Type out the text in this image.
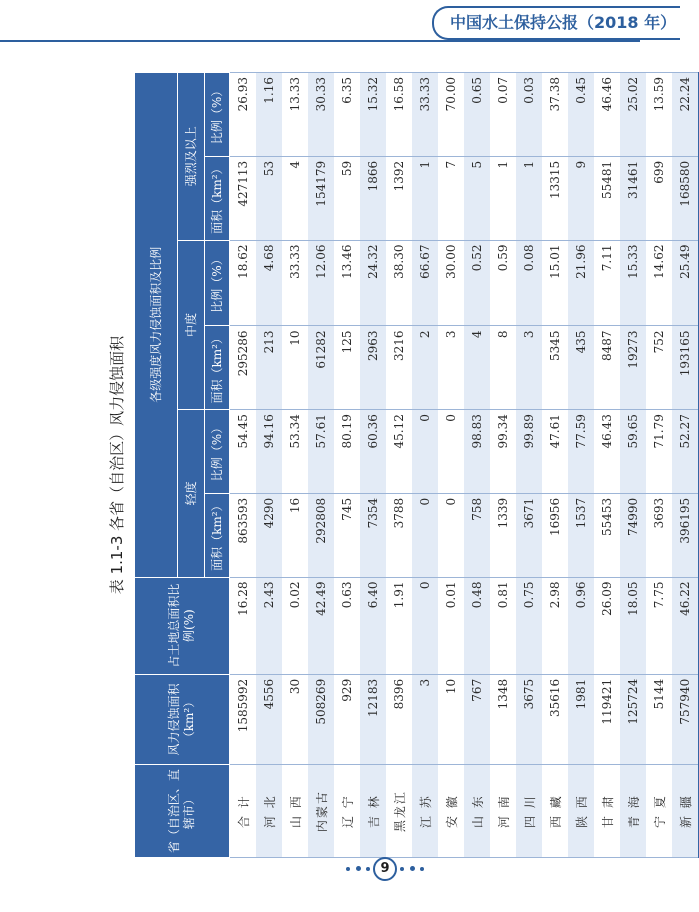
中国水土保持公报（2018 年）
表 1.1-3 各省（自治区）风力侵蚀面积
省（自治区、直辖市）	风力侵蚀面积（km²）	占土地总面积比例(%)	各级强度风力侵蚀面积及比例					
			轻度		中度		强烈及以上	
			面积（km²）	比例（%）	面积（km²）	比例（%）	面积（km²）	比例（%）
合 计	1585992	16.28	863593	54.45	295286	18.62	427113	26.93
河 北	4556	2.43	4290	94.16	213	4.68	53	1.16
山 西	30	0.02	16	53.34	10	33.33	4	13.33
内蒙古	508269	42.49	292808	57.61	61282	12.06	154179	30.33
辽 宁	929	0.63	745	80.19	125	13.46	59	6.35
吉 林	12183	6.40	7354	60.36	2963	24.32	1866	15.32
黑龙江	8396	1.91	3788	45.12	3216	38.30	1392	16.58
江 苏	3	0	0	0	2	66.67	1	33.33
安 徽	10	0.01	0	0	3	30.00	7	70.00
山 东	767	0.48	758	98.83	4	0.52	5	0.65
河 南	1348	0.81	1339	99.34	8	0.59	1	0.07
四 川	3675	0.75	3671	99.89	3	0.08	1	0.03
西 藏	35616	2.98	16956	47.61	5345	15.01	13315	37.38
陕 西	1981	0.96	1537	77.59	435	21.96	9	0.45
甘 肃	119421	26.09	55453	46.43	8487	7.11	55481	46.46
青 海	125724	18.05	74990	59.65	19273	15.33	31461	25.02
宁 夏	5144	7.75	3693	71.79	752	14.62	699	13.59
新 疆	757940	46.22	396195	52.27	193165	25.49	168580	22.24
9
